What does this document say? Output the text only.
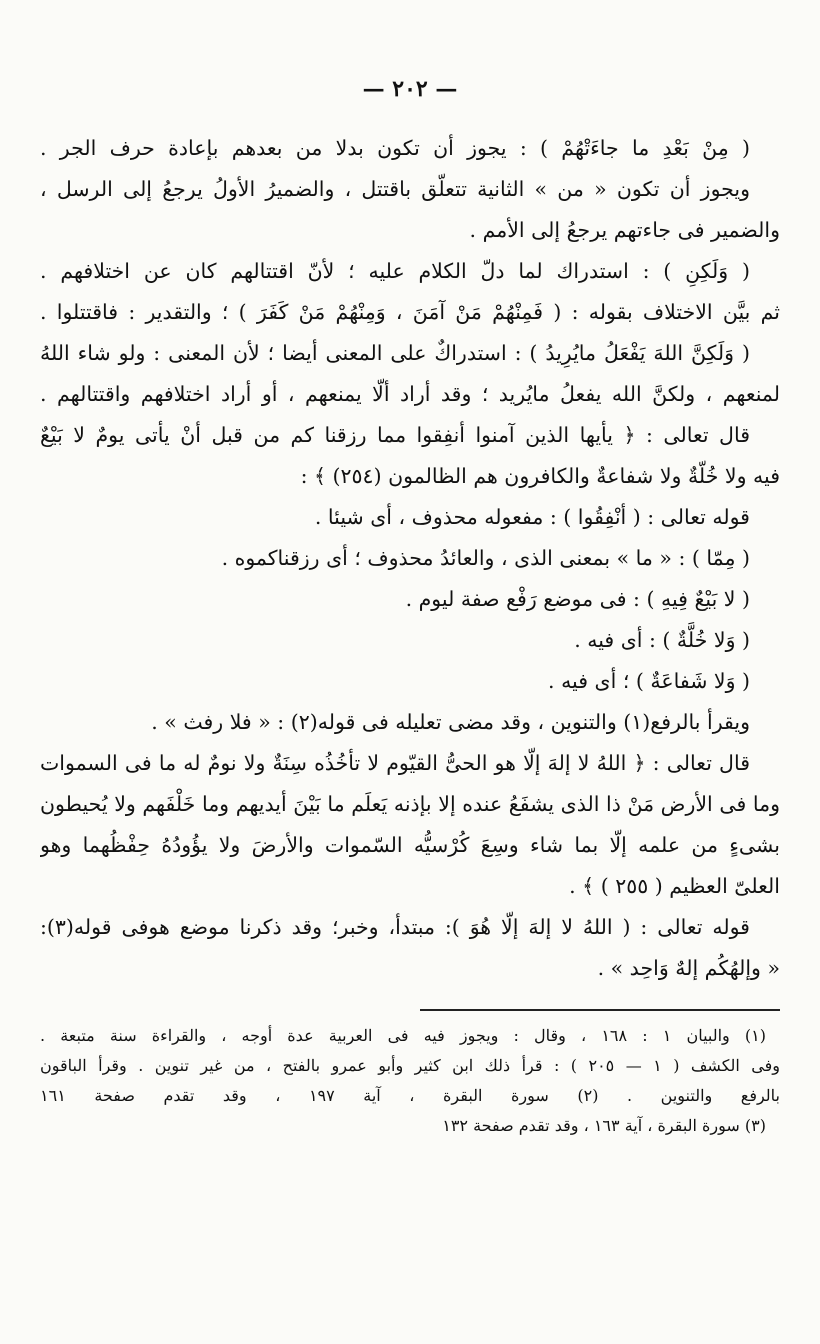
— ٢٠٢ —
( مِنْ بَعْدِ ما جاءَتْهُمْ ) : يجوز أن تكون بدلا من بعدهم بإعادة حرف الجر .
ويجوز أن تكون « من » الثانية تتعلّق باقتتل ، والضميرُ الأولُ يرجعُ إلى الرسل ،
والضمير فى جاءتهم يرجعُ إلى الأمم .
( وَلَكِنِ ) : استدراك لما دلّ الكلام عليه ؛ لأنّ اقتتالهم كان عن اختلافهم .
ثم بيَّن الاختلاف بقوله : ( فَمِنْهُمْ مَنْ آمَنَ ، وَمِنْهُمْ مَنْ كَفَرَ ) ؛ والتقدير : فاقتتلوا .
( وَلَكِنَّ اللهَ يَفْعَلُ مايُرِيدُ ) : استدراكٌ على المعنى أيضا ؛ لأن المعنى : ولو شاء اللهُ
لمنعهم ، ولكنَّ الله يفعلُ مايُريد ؛ وقد أراد ألّا يمنعهم ، أو أراد اختلافهم واقتتالهم .
قال تعالى : ﴿ يأيها الذين آمنوا أنفِقوا مما رزقنا كم من قبل أنْ يأتى يومٌ لا بَيْعٌ
فيه ولا خُلّةٌ ولا شفاعةٌ والكافرون هم الظالمون (٢٥٤) ﴾ :
قوله تعالى : ( أنْفِقُوا ) : مفعوله محذوف ، أى شيئا .
( مِمّا ) : « ما » بمعنى الذى ، والعائدُ محذوف ؛ أى رزقناكموه .
( لا بَيْعٌ فِيهِ ) : فى موضع رَفْع صفة ليوم .
( وَلا خُلَّةٌ ) : أى فيه .
( وَلا شَفاعَةٌ ) ؛ أى فيه .
ويقرأ بالرفع(١) والتنوين ، وقد مضى تعليله فى قوله(٢) : « فلا رفث » .
قال تعالى : ﴿ اللهُ لا إلهَ إلّا هو الحىُّ القيّوم لا تأخُذُه سِنَةٌ ولا نومٌ له ما فى السموات
وما فى الأرض مَنْ ذا الذى يشفَعُ عنده إلا بإذنه يَعلَم ما بَيْنَ أيديهم وما خَلْفَهم ولا يُحيطون
بشىءٍ من علمه إلّا بما شاء وسِعَ كُرْسيُّه السّموات والأرضَ ولا يؤُودُهُ حِفْظُهما وهو
العلىّ العظيم ( ٢٥٥ ) ﴾ .
قوله تعالى : ( اللهُ لا إلهَ إلّا هُوَ ): مبتدأ، وخبر؛ وقد ذكرنا موضع هوفى قوله(٣):
« وإلهُكُم إلهٌ وَاحِد » .
(١) والبيان ١ : ١٦٨ ، وقال : ويجوز فيه فى العربية عدة أوجه ، والقراءة سنة متبعة .
وفى الكشف ( ١ — ٢٠٥ ) : قرأ ذلك ابن كثير وأبو عمرو بالفتح ، من غير تنوين . وقرأ الباقون
بالرفع والتنوين . (٢) سورة البقرة ، آية ١٩٧ ، وقد تقدم صفحة ١٦١
(٣) سورة البقرة ، آية ١٦٣ ، وقد تقدم صفحة ١٣٢
